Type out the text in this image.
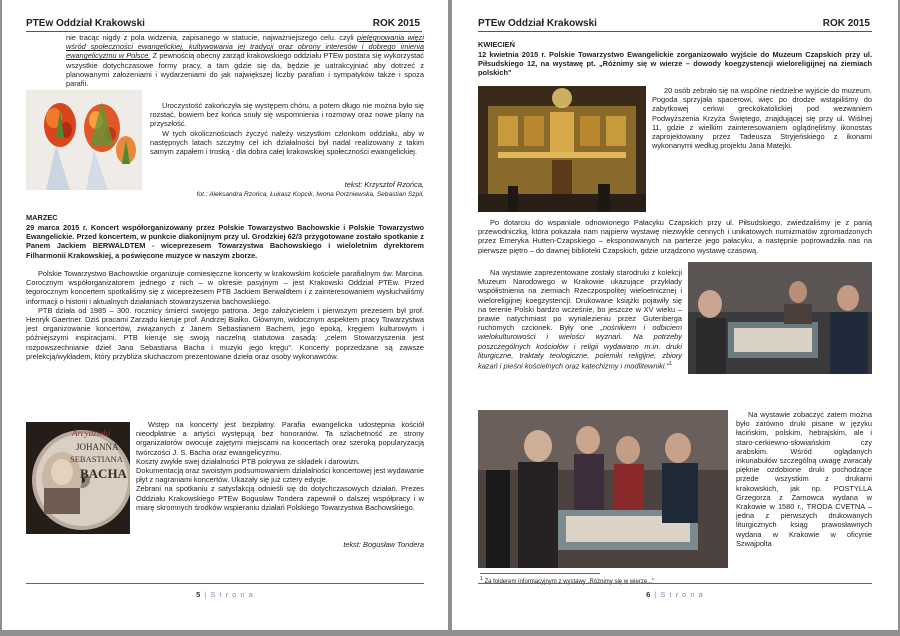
PTEw Oddział Krakowski	ROK 2015

nie tracąc nigdy z pola widzenia, zapisanego w statucie, najważniejszego celu. czyli pielęgnowania więzi wśród społeczności ewangelickiej, kultywowania jej tradycji oraz obrony interesów i dobrego imienia ewangelicyzmu w Polsce. Z pewnością obecny zarząd krakowskiego oddziału PTEw postara się wykorzystać wszystkie dotychczasowe formy pracy, a tam gdzie się da, będzie je uatrakcyjniać aby dotrzeć z planowanymi założeniami i wydarzeniami do jak największej liczby parafian i sympatyków także i spoza parafii.

Uroczystość zakończyła się występem chóru, a potem długo nie można było się rozstać, bowiem bez końca snuły się wspomnienia i rozmowy oraz nowe plany na przyszłość.

W tych okolicznościach życzyć należy wszystkim członkom oddziału, aby w następnych latach szczytny cel ich działalności był nadal realizowany z takim samym zapałem i troską - dla dobra całej krakowskiej społeczności ewangelickiej.

tekst: Krzysztof Rzońca,
fot.: Aleksandra Rzońca, Łukasz Kopcik, Iwona Porzniewska, Sebastian Szpil,
MARZEC
29 marca 2015 r. Koncert współorganizowany przez Polskie Towarzystwo Bachowskie i Polskie Towarzystwo Ewangelickie. Przed koncertem, w punkcie diakonijnym przy ul. Grodzkiej 62/3 przygotowane zostało spotkanie z Panem Jackiem BERWALDTEM - wiceprezesem Towarzystwa Bachowskiego i wieloletnim dyrektorem Filharmonii Krakowskiej, a poświęcone muzyce w naszym zborze.

Polskie Towarzystwo Bachowskie organizuje comiesięczne koncerty w krakowskim kościele parafialnym św. Marcina. Corocznym współorganizatorem jednego z nich – w okresie pasyjnym – jest Krakowski Oddział PTEw. Przed tegorocznym koncertem spotkaliśmy się z wiceprezesem PTB Jackiem Berwaldtem i z zainteresowaniem wysłuchaliśmy informacji o historii i aktualnych działaniach stowarzyszenia bachowskiego.

PTB działa od 1985 – 300. rocznicy śmierci swojego patrona. Jego założycielem i pierwszym prezesem był prof. Henryk Gaertner. Dziś pracami Zarządu kieruje prof. Andrzej Białko. Głównym, widocznym aspektem pracy Towarzystwa jest organizowanie koncertów, związanych z Janem Sebastianem Bachem, jego epoką, kręgiem kulturowym i późniejszymi inspiracjami. PTB kieruje się swoją naczelną statutowa zasadą: „celem Stowarzyszenia jest rozpowszechnianie dzieł Jana Sebastiana Bacha i muzyki jego kręgu". Koncerty poprzedzane są zawsze prelekcją/wykładem, który przybliża słuchaczom prezentowane dzieła oraz osoby wykonawców.

Arcydzieła
JOHANNA
SEBASTIANA
BACHA

Wstęp na koncerty jest bezpłatny. Parafia ewangelicka udostępnia kościół nieodpłatnie a artyści występują bez honorariów. Ta szlachetność ze strony organizatorów owocuje zajętymi miejscami na koncertach oraz szeroką popularyzacją twórczości J. S. Bacha oraz ewangelicyzmu.

Koszty zwykłe swej działalności PTB pokrywa ze składek i darowizn.

Dokumentacją oraz swoistym podsumowaniem działalności koncertowej jest wydawanie płyt z nagraniami koncertów. Ukazały się już cztery edycje.

Zebrani na spotkaniu z satysfakcją odnieśli się do dotychczasowych działań. Prezes Oddziału Krakowskiego PTEw Bogusław Tondera zapewnił o dalszej współpracy i w miarę skromnych środków wspieraniu działań Polskiego Towarzystwa Bachowskiego.

tekst: Bogusław Tondera
5 | S t r o n a
PTEw Oddział Krakowski	ROK 2015
KWIECIEŃ
12 kwietnia 2015 r. Polskie Towarzystwo Ewangelickie zorganizowało wyjście do Muzeum Czapskich przy ul. Piłsudskiego 12, na wystawę pt. „Różnimy się w wierze – dowody koegzystencji wieloreligijnej na ziemiach polskich"

20 osób zebrało się na wspólne niedzielne wyjście do muzeum. Pogoda sprzyjała spacerowi, więc po drodze wstąpiliśmy do zabytkowej cerkwi greckokatolickiej pod wezwaniem Podwyższenia Krzyża Świętego, znajdującej się przy ul. Wiślnej 11, gdzie z wielkim zainteresowaniem oglądnęliśmy ikonostas zaprojektowany przez Tadeusza Stryjeńskiego z ikonami wykonanymi według projektu Jana Matejki.

Po dotarciu do wspaniale odnowionego Pałacyku Czapskich przy ul. Piłsudskiego, zwiedzaliśmy je z panią przewodniczką, która pokazała nam najpierw wystawę niezwykle cennych i unikatowych numizmatów zgromadzonych przez Emeryka Hutten-Czapskiego – eksponowanych na parterze jego pałacyku, a następnie poprowadziła nas na pierwsze piętro – do dawnej biblioteki Czapskich, gdzie urządzono wystawę czasową.

Na wystawie zaprezentowane zostały starodruki z kolekcji Muzeum Narodowego w Krakowie ukazujące przykłady współistnienia na ziemiach Rzeczpospolitej wieloetnicznej i wieloreligijnej koegzystencji. Drukowane książki pojawiły się na terenie Polski bardzo wcześnie, bo jeszcze w XV wieku – prawie natychmiast po wynalezieniu przez Gutenberga ruchomych czcionek. Były one „nośnikiem i odbiciem wielokulturowości i wielości wyznań. Na potrzeby poszczególnych kościołów i religii wydawano m.in. druki liturgiczne, traktaty teologiczne, polemiki religijne, zbiory kazań i pieśni kościelnych oraz katechizmy i modlitewniki."$^1$

Na wystawie zobaczyć zatem można było zarówno druki pisane w języku łacińskim, polskim, hebrajskim, ale i staro-cerkiewno-słowiańskim czy arabskim. Wśród oglądanych inkunabułów szczególną uwagę zwracały pięknie ozdobione druki pochodzące przede wszystkim z drukarni krakowskich, jak np. POSTYLLA Grzegorza z Żarnowca wydana w Krakowie w 1580 r., TRODA CVETNA – jedna z pierwszych drukowanych liturgicznych ksiąg prawosławnych wydana w Krakowie w oficynie Szwajpolta

$^1$ Za folderem informacyjnym z wystawy „Różnimy się w wierze..."
6 | S t r o n a
